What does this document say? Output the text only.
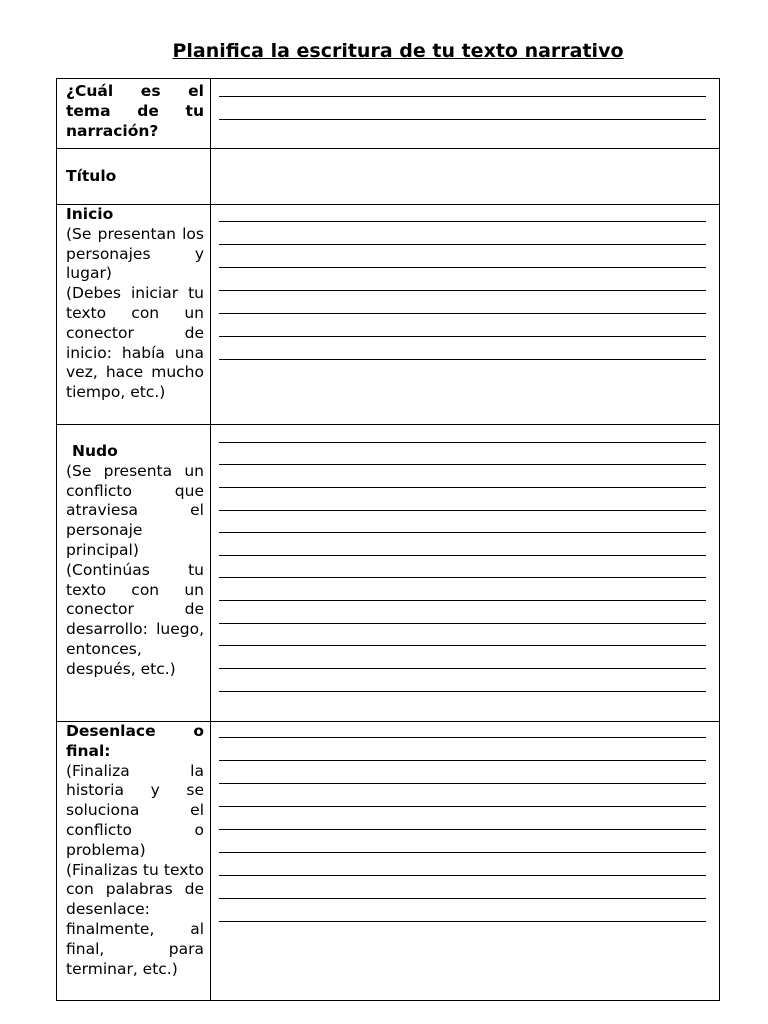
Planifica la escritura de tu texto narrativo
¿Cuál es el tema de tu narración?	

Título	

Inicio
(Se presentan los personajes y lugar)
(Debes iniciar tu texto con un conector de inicio: había una vez, hace mucho tiempo, etc.)	

Nudo
(Se presenta un conflicto que atraviesa el personaje principal)
(Continúas tu texto con un conector de desarrollo: luego, entonces, después, etc.)	

Desenlace o final:
(Finaliza la historia y se soluciona el conflicto o problema)
(Finalizas tu texto con palabras de desenlace: finalmente, al final, para terminar, etc.)	
